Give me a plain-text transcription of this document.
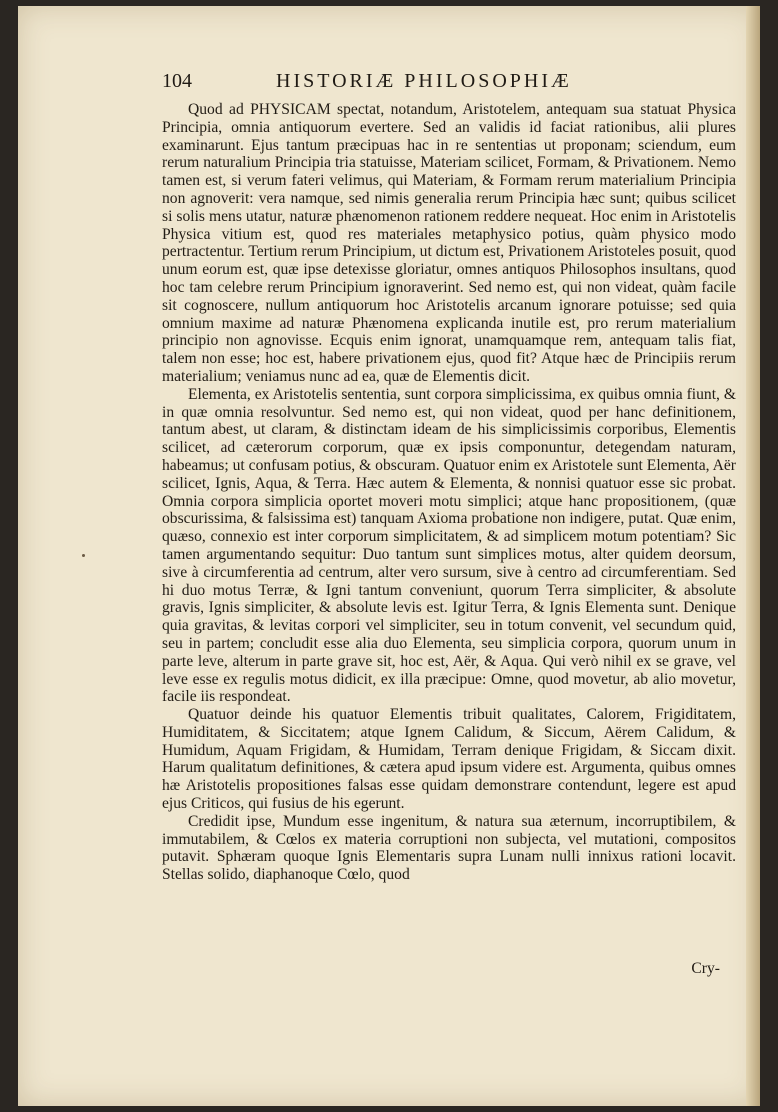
104	HISTORIÆ PHILOSOPHIÆ

Quod ad PHYSICAM spectat, notandum, Aristotelem, antequam sua statuat Physica Principia, omnia antiquorum evertere. Sed an validis id faciat rationibus, alii plures examinarunt. Ejus tantum præcipuas hac in re sententias ut proponam; sciendum, eum rerum naturalium Principia tria statuisse, Materiam scilicet, Formam, & Privationem. Nemo tamen est, si verum fateri velimus, qui Materiam, & Formam rerum materialium Principia non agnoverit: vera namque, sed nimis generalia rerum Principia hæc sunt; quibus scilicet si solis mens utatur, naturæ phænomenon rationem reddere nequeat. Hoc enim in Aristotelis Physica vitium est, quod res materiales metaphysico potius, quàm physico modo pertractentur. Tertium rerum Principium, ut dictum est, Privationem Aristoteles posuit, quod unum eorum est, quæ ipse detexisse gloriatur, omnes antiquos Philosophos insultans, quod hoc tam celebre rerum Principium ignoraverint. Sed nemo est, qui non videat, quàm facile sit cognoscere, nullum antiquorum hoc Aristotelis arcanum ignorare potuisse; sed quia omnium maxime ad naturæ Phænomena explicanda inutile est, pro rerum materialium principio non agnovisse. Ecquis enim ignorat, unamquamque rem, antequam talis fiat, talem non esse; hoc est, habere privationem ejus, quod fit? Atque hæc de Principiis rerum materialium; veniamus nunc ad ea, quæ de Elementis dicit.

Elementa, ex Aristotelis sententia, sunt corpora simplicissima, ex quibus omnia fiunt, & in quæ omnia resolvuntur. Sed nemo est, qui non videat, quod per hanc definitionem, tantum abest, ut claram, & distinctam ideam de his simplicissimis corporibus, Elementis scilicet, ad cæterorum corporum, quæ ex ipsis componuntur, detegendam naturam, habeamus; ut confusam potius, & obscuram. Quatuor enim ex Aristotele sunt Elementa, Aër scilicet, Ignis, Aqua, & Terra. Hæc autem & Elementa, & nonnisi quatuor esse sic probat. Omnia corpora simplicia oportet moveri motu simplici; atque hanc propositionem, (quæ obscurissima, & falsissima est) tanquam Axioma probatione non indigere, putat. Quæ enim, quæso, connexio est inter corporum simplicitatem, & ad simplicem motum potentiam? Sic tamen argumentando sequitur: Duo tantum sunt simplices motus, alter quidem deorsum, sive à circumferentia ad centrum, alter vero sursum, sive à centro ad circumferentiam. Sed hi duo motus Terræ, & Igni tantum conveniunt, quorum Terra simpliciter, & absolute gravis, Ignis simpliciter, & absolute levis est. Igitur Terra, & Ignis Elementa sunt. Denique quia gravitas, & levitas corpori vel simpliciter, seu in totum convenit, vel secundum quid, seu in partem; concludit esse alia duo Elementa, seu simplicia corpora, quorum unum in parte leve, alterum in parte grave sit, hoc est, Aër, & Aqua. Qui verò nihil ex se grave, vel leve esse ex regulis motus didicit, ex illa præcipue: Omne, quod movetur, ab alio movetur, facile iis respondeat.

Quatuor deinde his quatuor Elementis tribuit qualitates, Calorem, Frigiditatem, Humiditatem, & Siccitatem; atque Ignem Calidum, & Siccum, Aërem Calidum, & Humidum, Aquam Frigidam, & Humidam, Terram denique Frigidam, & Siccam dixit. Harum qualitatum definitiones, & cætera apud ipsum videre est. Argumenta, quibus omnes hæ Aristotelis propositiones falsas esse quidam demonstrare contendunt, legere est apud ejus Criticos, qui fusius de his egerunt.

Credidit ipse, Mundum esse ingenitum, & natura sua æternum, incorruptibilem, & immutabilem, & Cœlos ex materia corruptioni non subjecta, vel mutationi, compositos putavit. Sphæram quoque Ignis Elementaris supra Lunam nulli innixus rationi locavit. Stellas solido, diaphanoque Cœlo, quod

Cry-
